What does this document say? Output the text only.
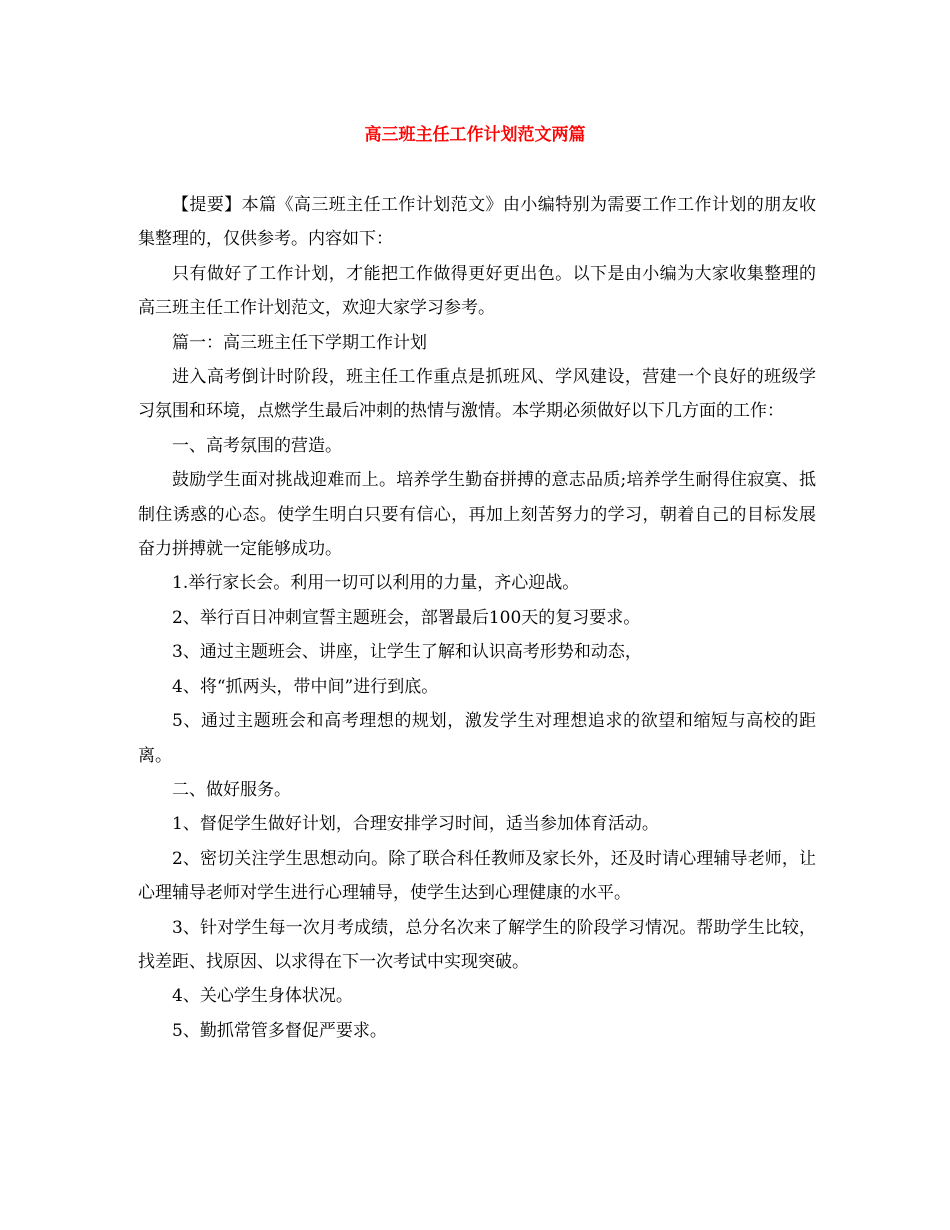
高三班主任工作计划范文两篇

【提要】本篇《高三班主任工作计划范文》由小编特别为需要工作工作计划的朋友收集整理的，仅供参考。内容如下：

只有做好了工作计划，才能把工作做得更好更出色。以下是由小编为大家收集整理的高三班主任工作计划范文，欢迎大家学习参考。

篇一：高三班主任下学期工作计划

进入高考倒计时阶段，班主任工作重点是抓班风、学风建设，营建一个良好的班级学习氛围和环境，点燃学生最后冲刺的热情与激情。本学期必须做好以下几方面的工作：

一、高考氛围的营造。

鼓励学生面对挑战迎难而上。培养学生勤奋拼搏的意志品质;培养学生耐得住寂寞、抵制住诱惑的心态。使学生明白只要有信心，再加上刻苦努力的学习，朝着自己的目标发展奋力拼搏就一定能够成功。

1.举行家长会。利用一切可以利用的力量，齐心迎战。

2、举行百日冲刺宣誓主题班会，部署最后100天的复习要求。

3、通过主题班会、讲座，让学生了解和认识高考形势和动态，

4、将“抓两头，带中间”进行到底。

5、通过主题班会和高考理想的规划，激发学生对理想追求的欲望和缩短与高校的距离。

二、做好服务。

1、督促学生做好计划，合理安排学习时间，适当参加体育活动。

2、密切关注学生思想动向。除了联合科任教师及家长外，还及时请心理辅导老师，让心理辅导老师对学生进行心理辅导，使学生达到心理健康的水平。

3、针对学生每一次月考成绩，总分名次来了解学生的阶段学习情况。帮助学生比较，找差距、找原因、以求得在下一次考试中实现突破。

4、关心学生身体状况。

5、勤抓常管多督促严要求。
